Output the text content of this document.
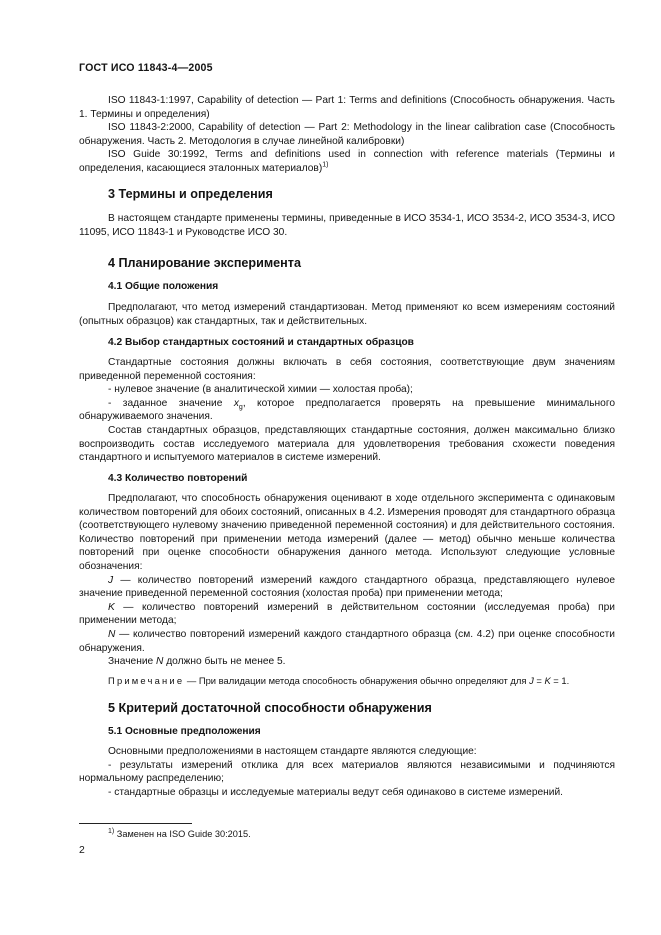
ГОСТ ИСО 11843-4—2005

ISO 11843-1:1997, Capability of detection — Part 1: Terms and definitions (Способность обнаружения. Часть 1. Термины и определения)

ISO 11843-2:2000, Capability of detection — Part 2: Methodology in the linear calibration case (Способность обнаружения. Часть 2. Методология в случае линейной калибровки)

ISO Guide 30:1992, Terms and definitions used in connection with reference materials (Термины и определения, касающиеся эталонных материалов)$^{1)}$

3 Термины и определения

В настоящем стандарте применены термины, приведенные в ИСО 3534-1, ИСО 3534-2, ИСО 3534-3, ИСО 11095, ИСО 11843-1 и Руководстве ИСО 30.

4 Планирование эксперимента
4.1 Общие положения

Предполагают, что метод измерений стандартизован. Метод применяют ко всем измерениям состояний (опытных образцов) как стандартных, так и действительных.

4.2 Выбор стандартных состояний и стандартных образцов

Стандартные состояния должны включать в себя состояния, соответствующие двум значениям приведенной переменной состояния:

- нулевое значение (в аналитической химии — холостая проба);

- заданное значение $x_g$, которое предполагается проверять на превышение минимального обнаруживаемого значения.

Состав стандартных образцов, представляющих стандартные состояния, должен максимально близко воспроизводить состав исследуемого материала для удовлетворения требования схожести поведения стандартного и испытуемого материалов в системе измерений.

4.3 Количество повторений

Предполагают, что способность обнаружения оценивают в ходе отдельного эксперимента с одинаковым количеством повторений для обоих состояний, описанных в 4.2. Измерения проводят для стандартного образца (соответствующего нулевому значению приведенной переменной состояния) и для действительного состояния. Количество повторений при применении метода измерений (далее — метод) обычно меньше количества повторений при оценке способности обнаружения данного метода. Используют следующие условные обозначения:

J — количество повторений измерений каждого стандартного образца, представляющего нулевое значение приведенной переменной состояния (холостая проба) при применении метода;

K — количество повторений измерений в действительном состоянии (исследуемая проба) при применении метода;

N — количество повторений измерений каждого стандартного образца (см. 4.2) при оценке способности обнаружения.

Значение N должно быть не менее 5.

Примечание — При валидации метода способность обнаружения обычно определяют для J = K = 1.
5 Критерий достаточной способности обнаружения
5.1 Основные предположения

Основными предположениями в настоящем стандарте являются следующие:

- результаты измерений отклика для всех материалов являются независимыми и подчиняются нормальному распределению;

- стандартные образцы и исследуемые материалы ведут себя одинаково в системе измерений.

$^{1)}$ Заменен на ISO Guide 30:2015.
2
